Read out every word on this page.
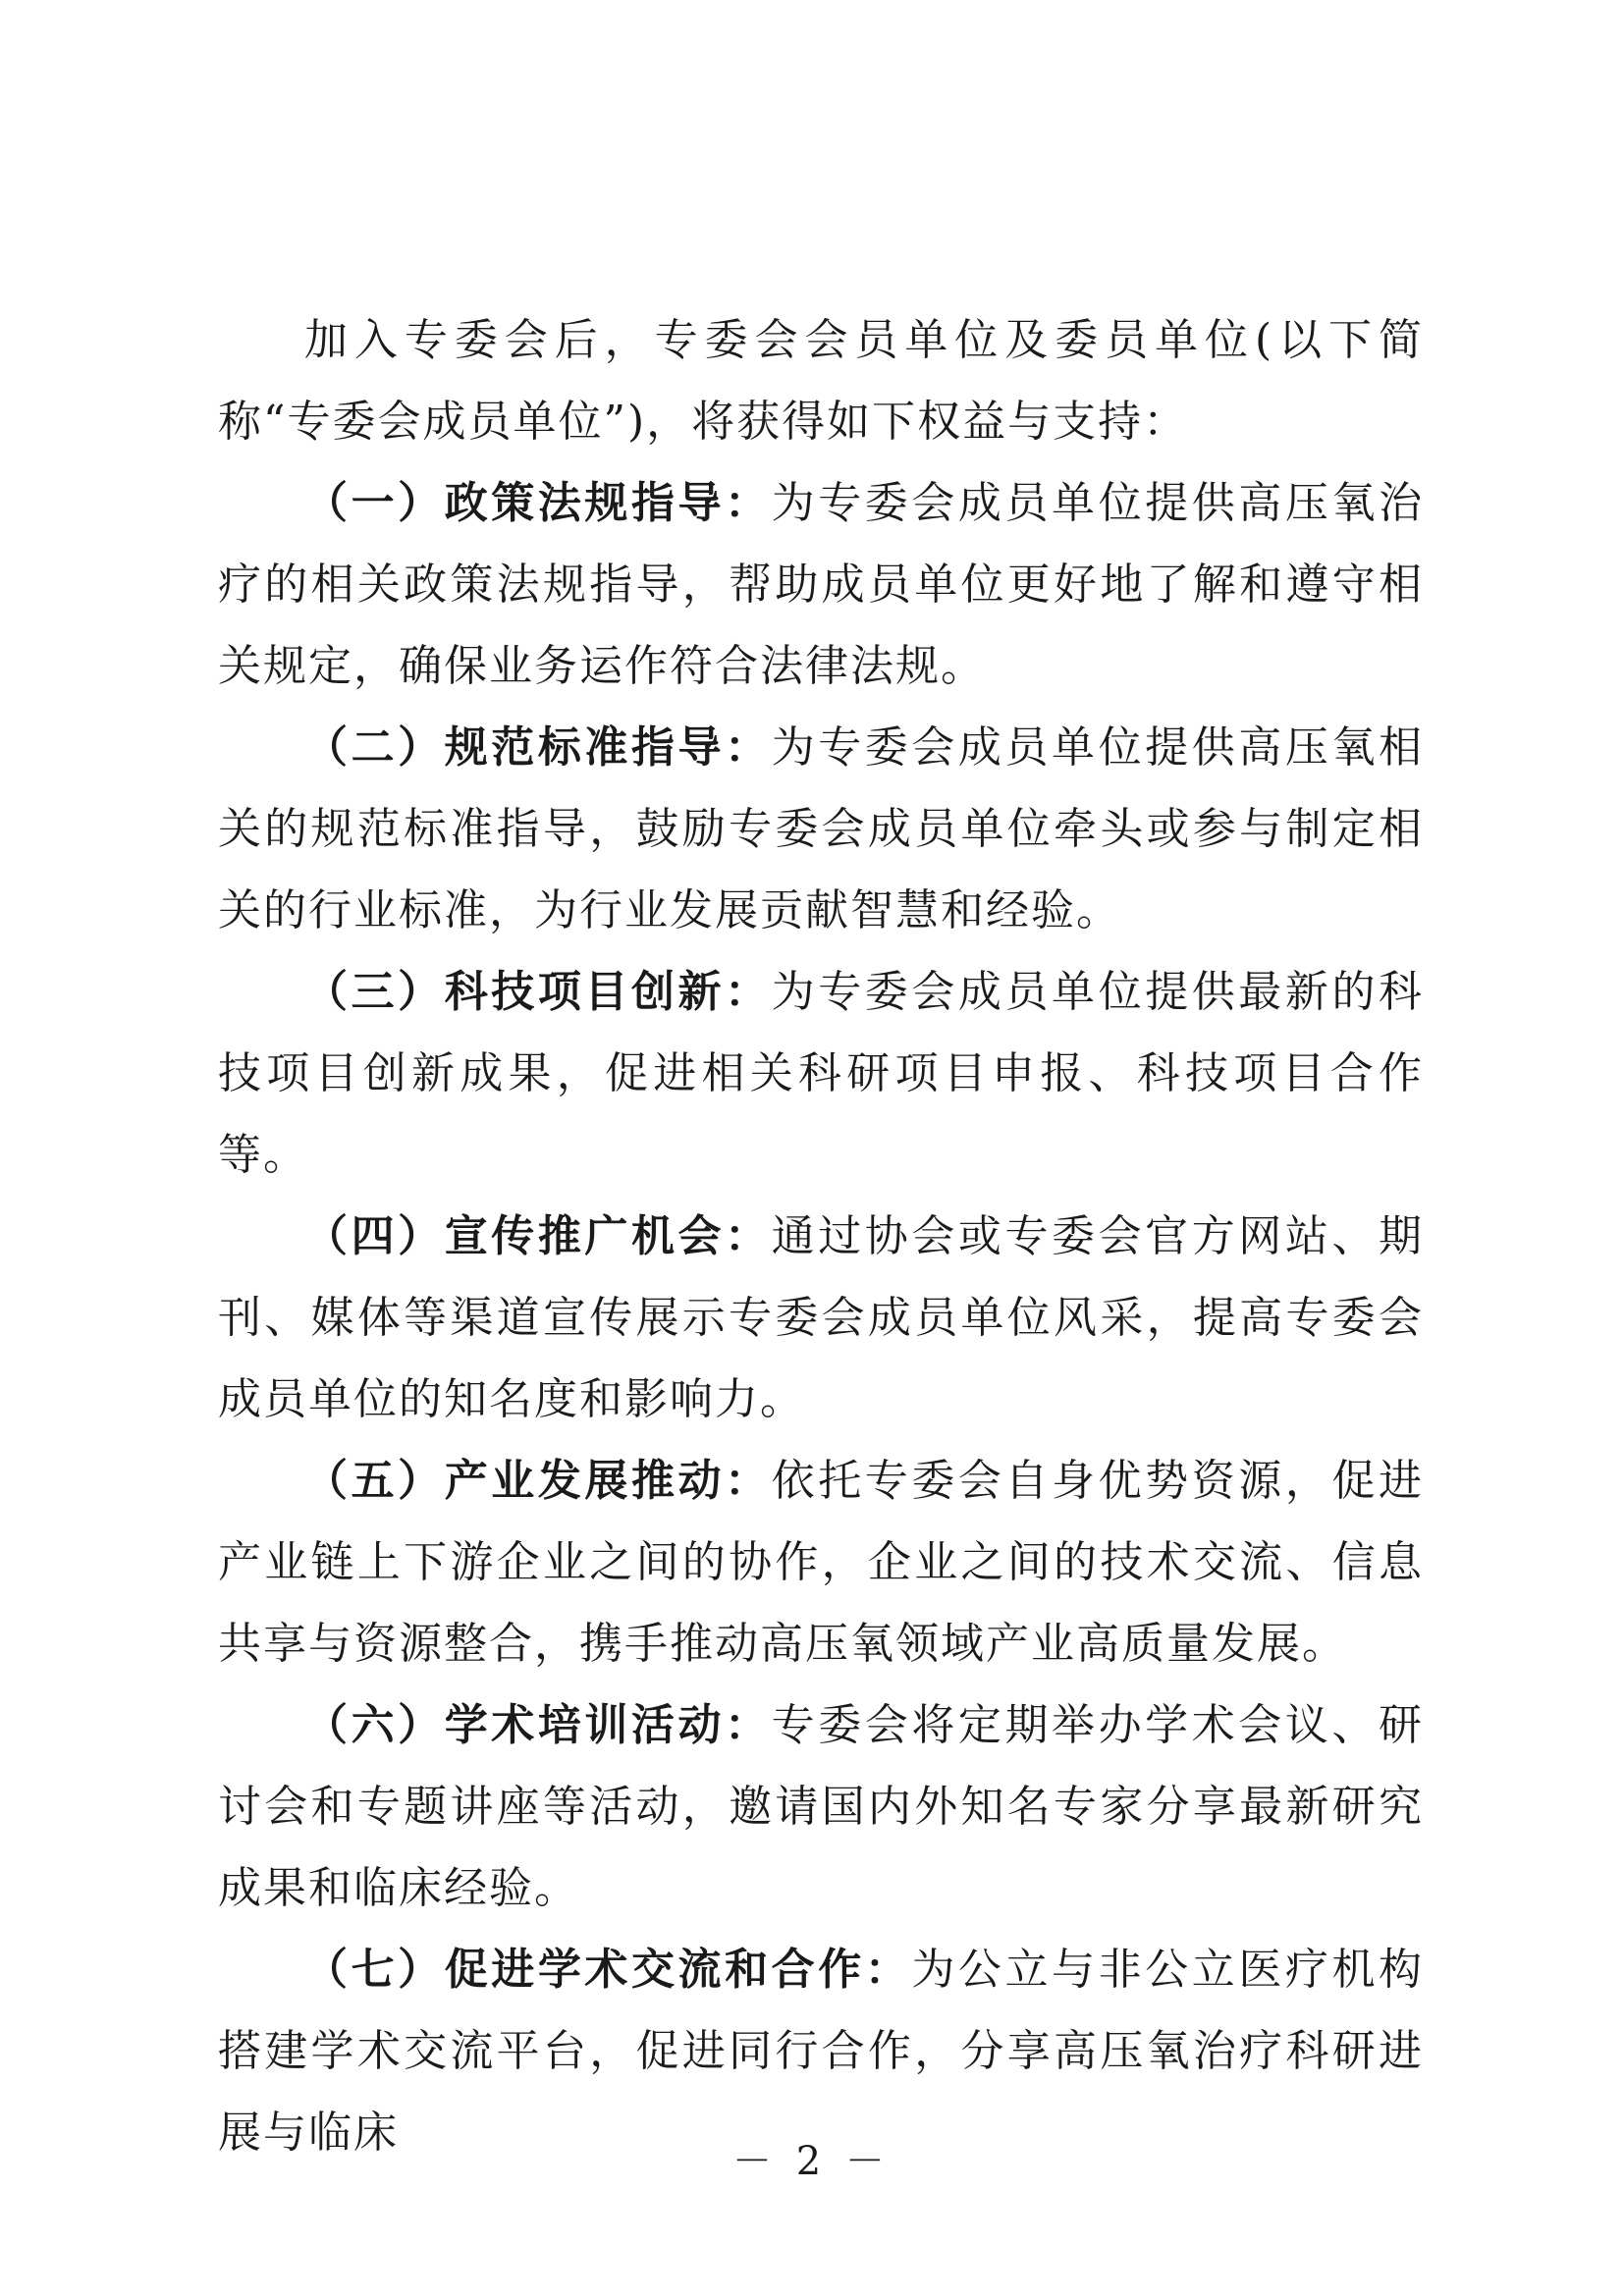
加入专委会后，专委会会员单位及委员单位(以下简称“专委会成员单位”)，将获得如下权益与支持：

（一）政策法规指导：为专委会成员单位提供高压氧治疗的相关政策法规指导，帮助成员单位更好地了解和遵守相关规定，确保业务运作符合法律法规。

（二）规范标准指导：为专委会成员单位提供高压氧相关的规范标准指导，鼓励专委会成员单位牵头或参与制定相关的行业标准，为行业发展贡献智慧和经验。

（三）科技项目创新：为专委会成员单位提供最新的科技项目创新成果，促进相关科研项目申报、科技项目合作等。

（四）宣传推广机会：通过协会或专委会官方网站、期刊、媒体等渠道宣传展示专委会成员单位风采，提高专委会成员单位的知名度和影响力。

（五）产业发展推动：依托专委会自身优势资源，促进产业链上下游企业之间的协作，企业之间的技术交流、信息共享与资源整合，携手推动高压氧领域产业高质量发展。

（六）学术培训活动：专委会将定期举办学术会议、研讨会和专题讲座等活动，邀请国内外知名专家分享最新研究成果和临床经验。

（七）促进学术交流和合作：为公立与非公立医疗机构搭建学术交流平台，促进同行合作，分享高压氧治疗科研进展与临床

－ 2 －
